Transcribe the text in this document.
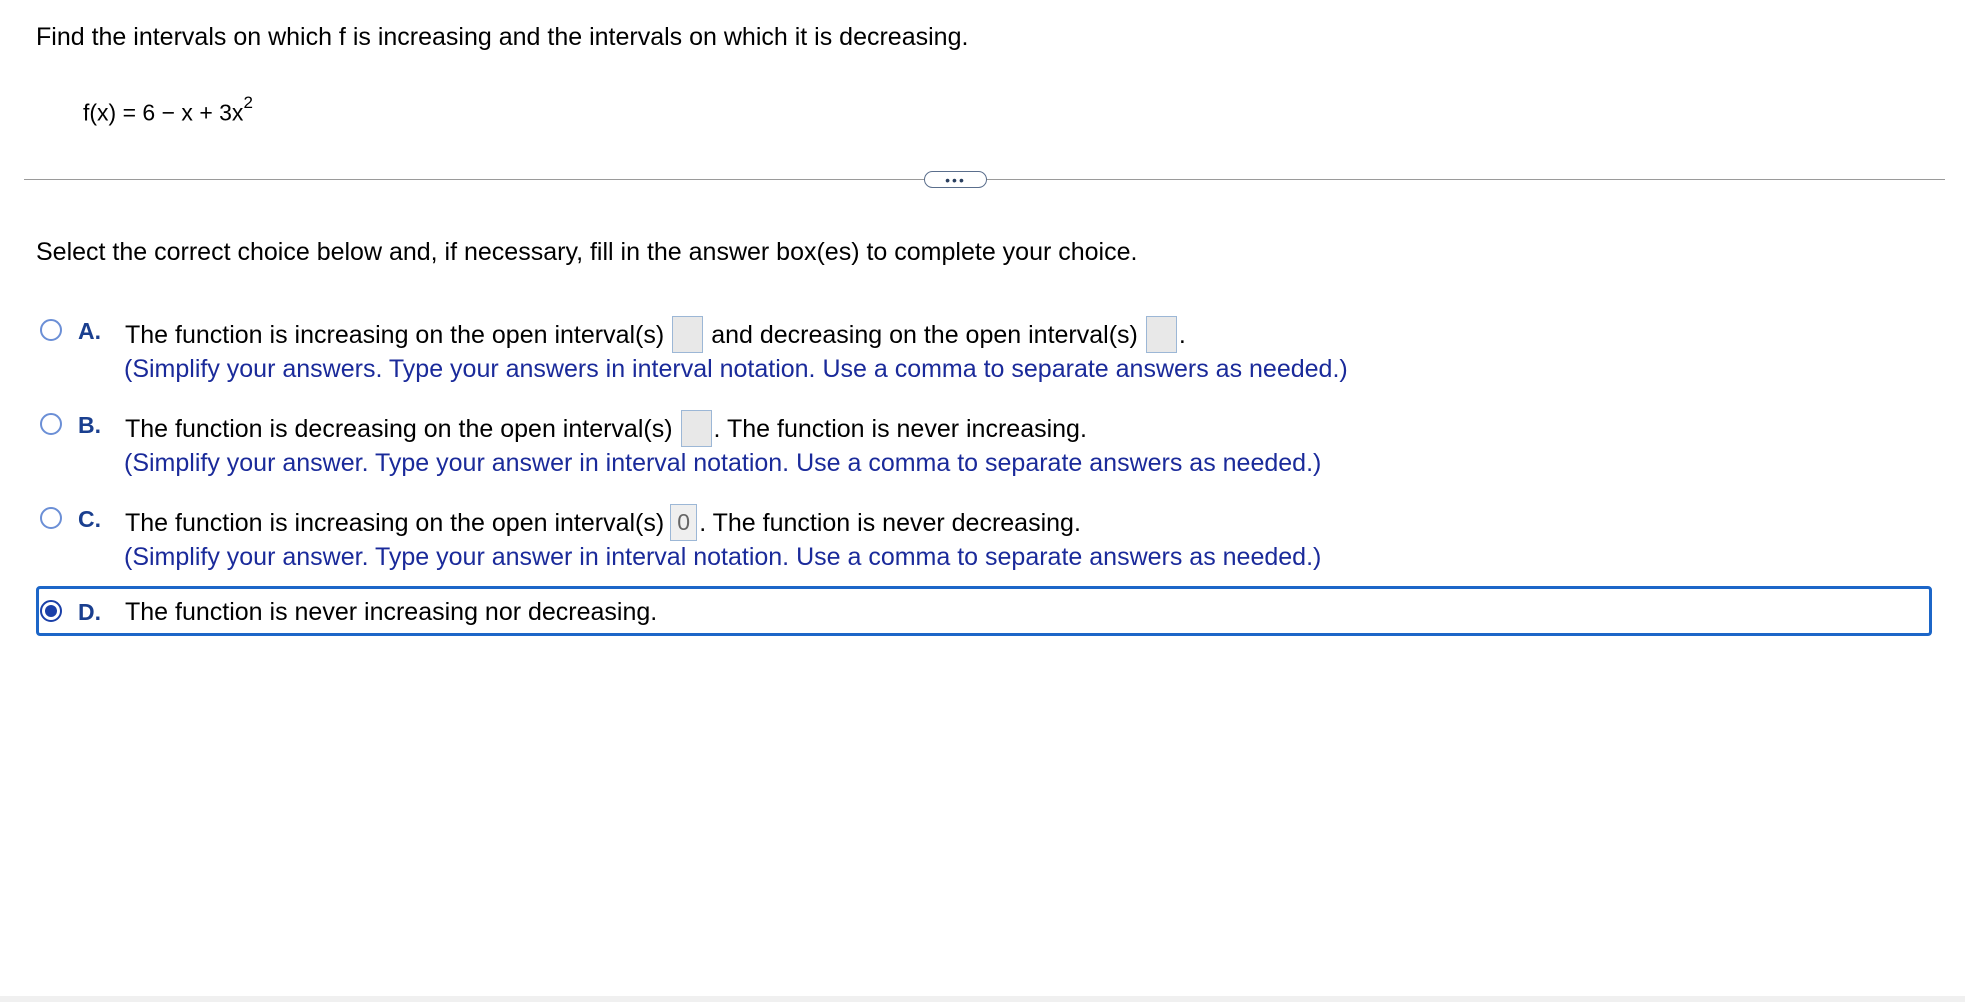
Find the intervals on which f is increasing and the intervals on which it is decreasing.
$f(x) = 6 - x + 3x^2$
•••
Select the correct choice below and, if necessary, fill in the answer box(es) to complete your choice.
A. The function is increasing on the open interval(s) and decreasing on the open interval(s) .
(Simplify your answers. Type your answers in interval notation. Use a comma to separate answers as needed.)
B. The function is decreasing on the open interval(s) . The function is never increasing.
(Simplify your answer. Type your answer in interval notation. Use a comma to separate answers as needed.)
C. The function is increasing on the open interval(s) 0 . The function is never decreasing.
(Simplify your answer. Type your answer in interval notation. Use a comma to separate answers as needed.)
D. The function is never increasing nor decreasing.
